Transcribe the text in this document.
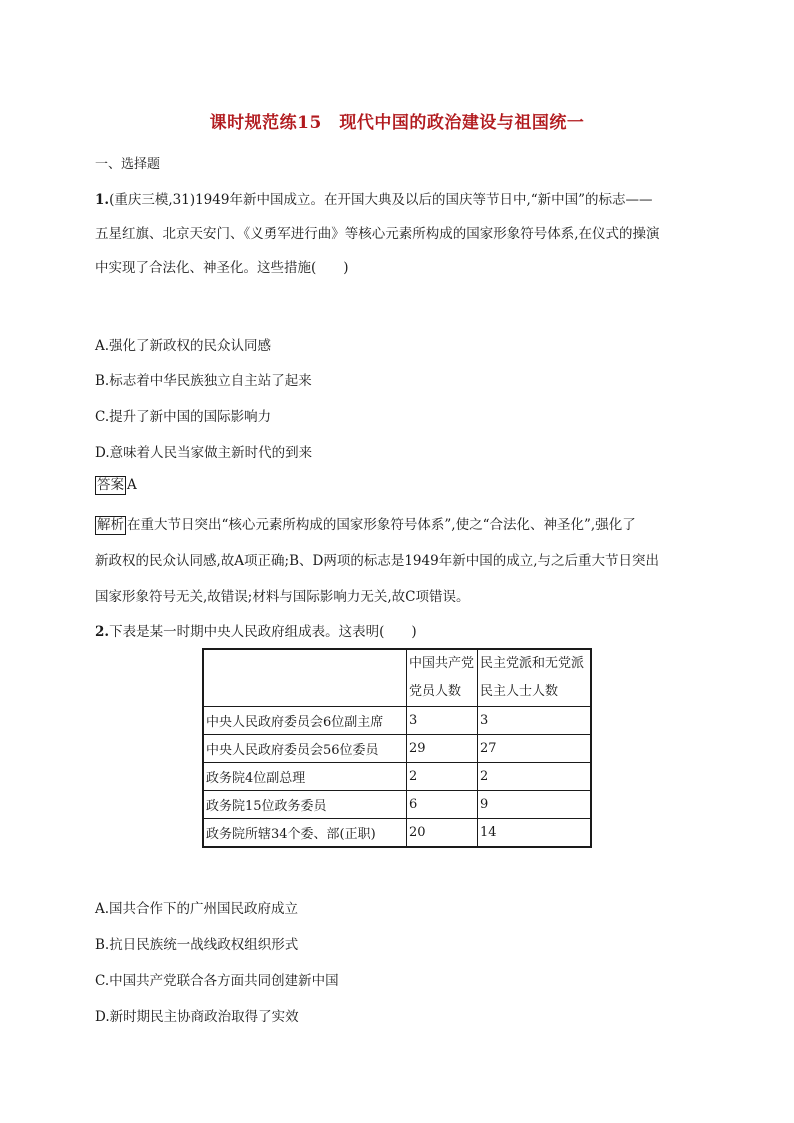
课时规范练15　现代中国的政治建设与祖国统一
一、选择题
1.(重庆三模,31)1949年新中国成立。在开国大典及以后的国庆等节日中,“新中国”的标志——
五星红旗、北京天安门、《义勇军进行曲》等核心元素所构成的国家形象符号体系,在仪式的操演
中实现了合法化、神圣化。这些措施(　　)
A.强化了新政权的民众认同感
B.标志着中华民族独立自主站了起来
C.提升了新中国的国际影响力
D.意味着人民当家做主新时代的到来
答案 A
解析 在重大节日突出“核心元素所构成的国家形象符号体系”,使之“合法化、神圣化”,强化了
新政权的民众认同感,故A项正确;B、D两项的标志是1949年新中国的成立,与之后重大节日突出
国家形象符号无关,故错误;材料与国际影响力无关,故C项错误。
2.下表是某一时期中央人民政府组成表。这表明(　　)
	中国共产党党员人数	民主党派和无党派民主人士人数
中央人民政府委员会6位副主席	3	3
中央人民政府委员会56位委员	29	27
政务院4位副总理	2	2
政务院15位政务委员	6	9
政务院所辖34个委、部(正职)	20	14
A.国共合作下的广州国民政府成立
B.抗日民族统一战线政权组织形式
C.中国共产党联合各方面共同创建新中国
D.新时期民主协商政治取得了实效
